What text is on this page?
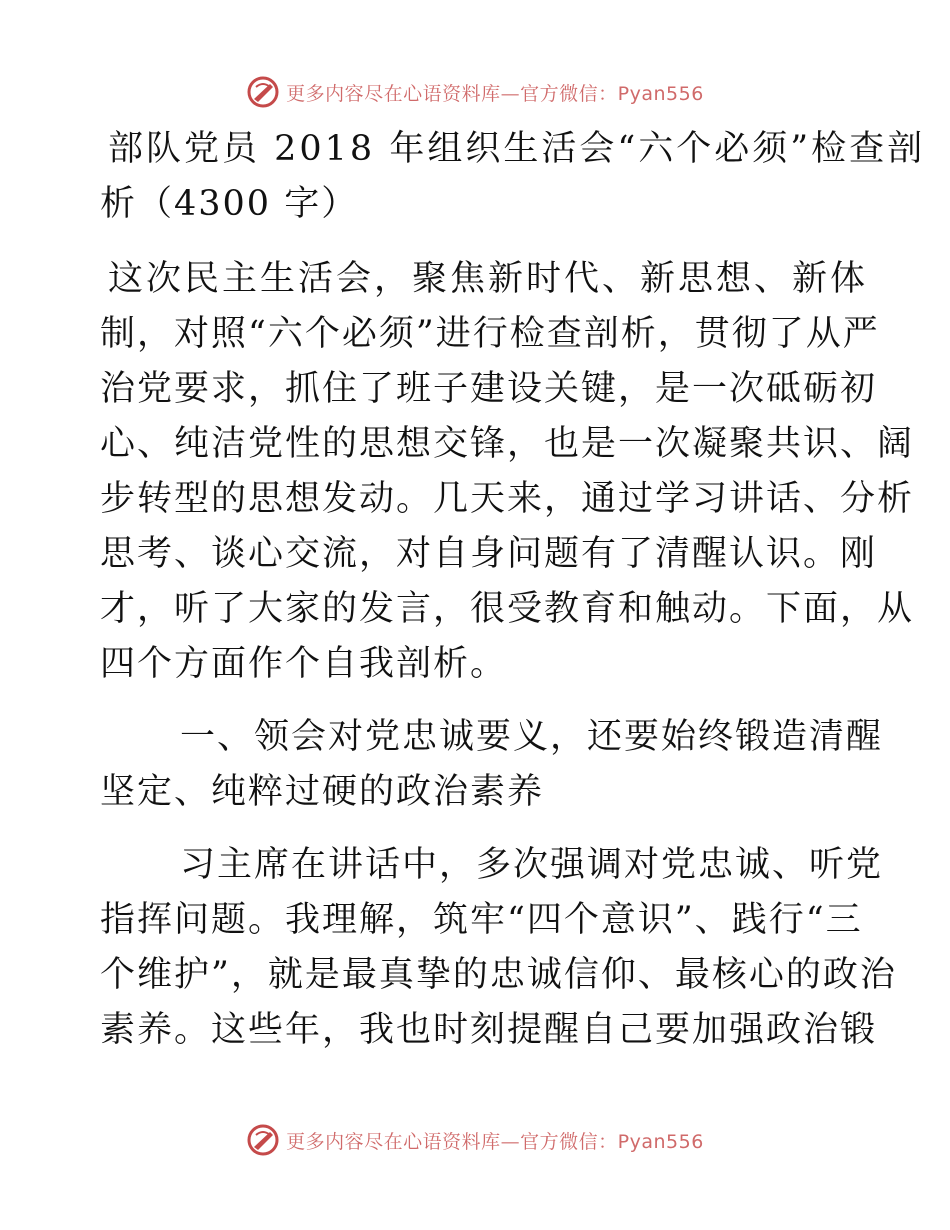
更多内容尽在心语资料库—官方微信：Pyan556
部队党员 2018 年组织生活会“六个必须”检查剖
析（4300 字）
这次民主生活会，聚焦新时代、新思想、新体
制，对照“六个必须”进行检查剖析，贯彻了从严
治党要求，抓住了班子建设关键，是一次砥砺初
心、纯洁党性的思想交锋，也是一次凝聚共识、阔
步转型的思想发动。几天来，通过学习讲话、分析
思考、谈心交流，对自身问题有了清醒认识。刚
才，听了大家的发言，很受教育和触动。下面，从
四个方面作个自我剖析。
一、领会对党忠诚要义，还要始终锻造清醒
坚定、纯粹过硬的政治素养
习主席在讲话中，多次强调对党忠诚、听党
指挥问题。我理解，筑牢“四个意识”、践行“三
个维护”，就是最真挚的忠诚信仰、最核心的政治
素养。这些年，我也时刻提醒自己要加强政治锻
更多内容尽在心语资料库—官方微信：Pyan556
